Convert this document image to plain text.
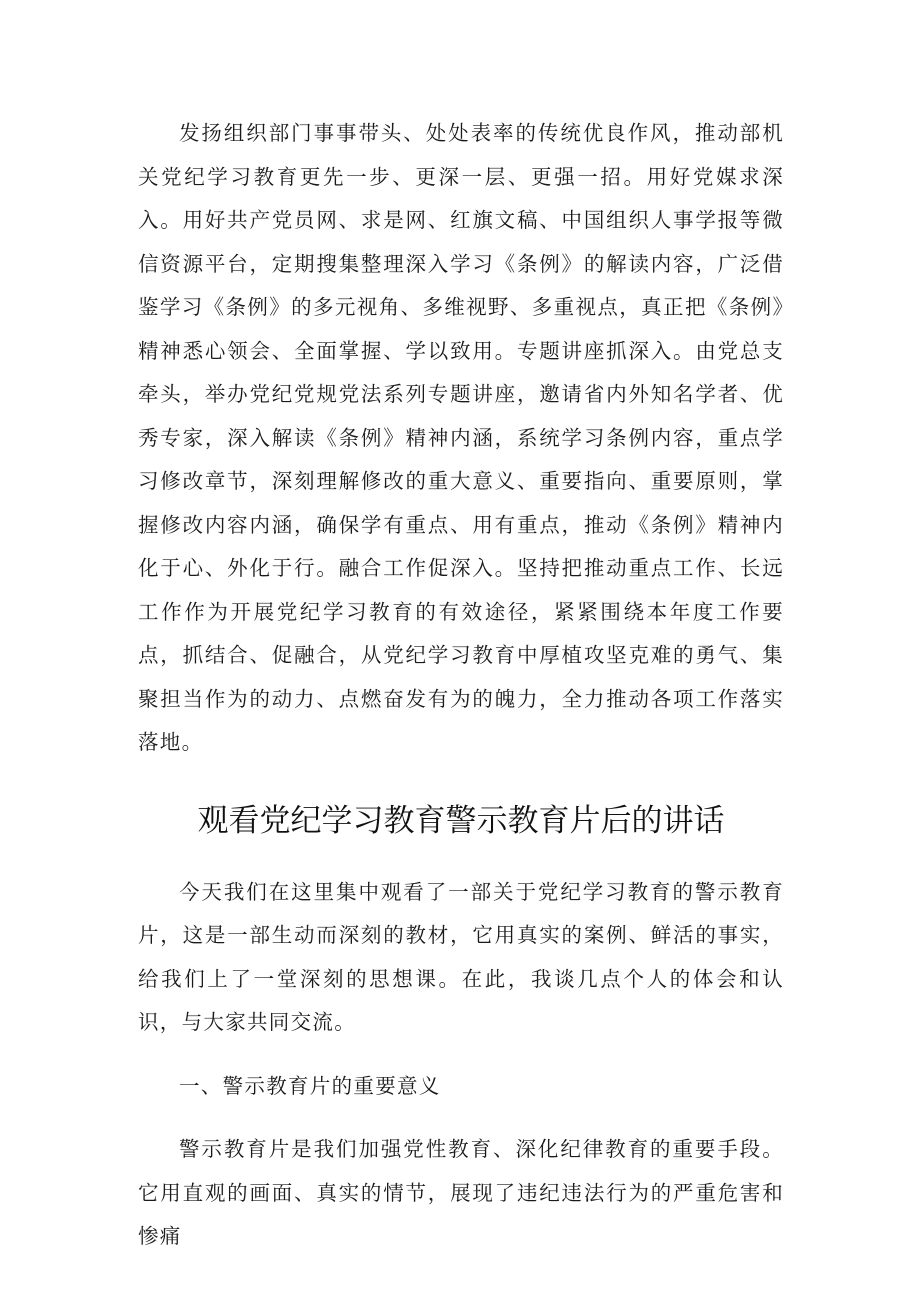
发扬组织部门事事带头、处处表率的传统优良作风，推动部机关党纪学习教育更先一步、更深一层、更强一招。用好党媒求深入。用好共产党员网、求是网、红旗文稿、中国组织人事学报等微信资源平台，定期搜集整理深入学习《条例》的解读内容，广泛借鉴学习《条例》的多元视角、多维视野、多重视点，真正把《条例》精神悉心领会、全面掌握、学以致用。专题讲座抓深入。由党总支牵头，举办党纪党规党法系列专题讲座，邀请省内外知名学者、优秀专家，深入解读《条例》精神内涵，系统学习条例内容，重点学习修改章节，深刻理解修改的重大意义、重要指向、重要原则，掌握修改内容内涵，确保学有重点、用有重点，推动《条例》精神内化于心、外化于行。融合工作促深入。坚持把推动重点工作、长远工作作为开展党纪学习教育的有效途径，紧紧围绕本年度工作要点，抓结合、促融合，从党纪学习教育中厚植攻坚克难的勇气、集聚担当作为的动力、点燃奋发有为的魄力，全力推动各项工作落实落地。

观看党纪学习教育警示教育片后的讲话

今天我们在这里集中观看了一部关于党纪学习教育的警示教育片，这是一部生动而深刻的教材，它用真实的案例、鲜活的事实，给我们上了一堂深刻的思想课。在此，我谈几点个人的体会和认识，与大家共同交流。

一、警示教育片的重要意义

警示教育片是我们加强党性教育、深化纪律教育的重要手段。它用直观的画面、真实的情节，展现了违纪违法行为的严重危害和惨痛
